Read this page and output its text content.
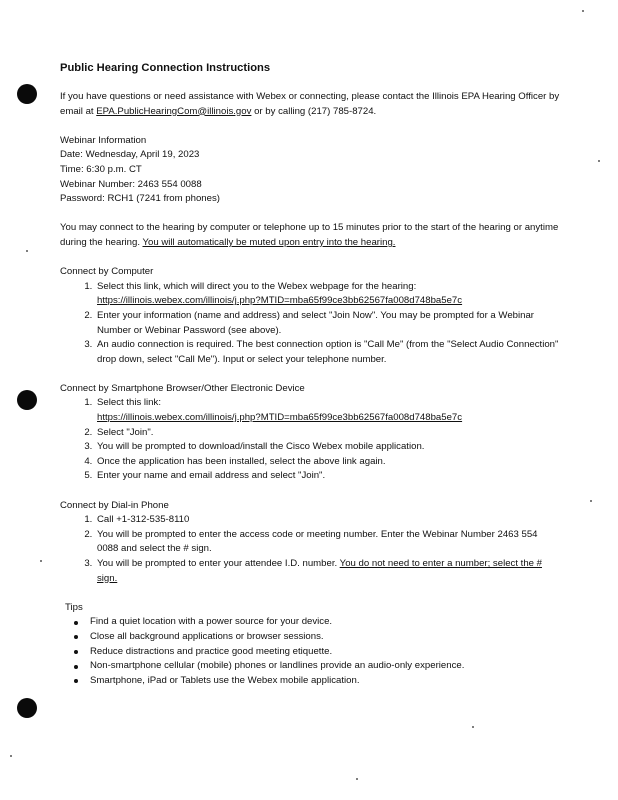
Public Hearing Connection Instructions

If you have questions or need assistance with Webex or connecting, please contact the Illinois EPA Hearing Officer by email at EPA.PublicHearingCom@illinois.gov or by calling (217) 785-8724.

Webinar Information

Date: Wednesday, April 19, 2023

Time: 6:30 p.m. CT

Webinar Number: 2463 554 0088

Password: RCH1 (7241 from phones)

You may connect to the hearing by computer or telephone up to 15 minutes prior to the start of the hearing or anytime during the hearing. You will automatically be muted upon entry into the hearing.

Connect by Computer

1. Select this link, which will direct you to the Webex webpage for the hearing:
https://illinois.webex.com/illinois/j.php?MTID=mba65f99ce3bb62567fa008d748ba5e7c
2. Enter your information (name and address) and select "Join Now". You may be prompted for a Webinar Number or Webinar Password (see above).
3. An audio connection is required. The best connection option is "Call Me" (from the "Select Audio Connection" drop down, select "Call Me"). Input or select your telephone number.

Connect by Smartphone Browser/Other Electronic Device

1. Select this link:
https://illinois.webex.com/illinois/j.php?MTID=mba65f99ce3bb62567fa008d748ba5e7c
2. Select "Join".
3. You will be prompted to download/install the Cisco Webex mobile application.
4. Once the application has been installed, select the above link again.
5. Enter your name and email address and select "Join".

Connect by Dial-in Phone

1. Call +1-312-535-8110
2. You will be prompted to enter the access code or meeting number. Enter the Webinar Number 2463 554 0088 and select the # sign.
3. You will be prompted to enter your attendee I.D. number. You do not need to enter a number; select the # sign.

Tips

Find a quiet location with a power source for your device.
Close all background applications or browser sessions.
Reduce distractions and practice good meeting etiquette.
Non-smartphone cellular (mobile) phones or landlines provide an audio-only experience.
Smartphone, iPad or Tablets use the Webex mobile application.
